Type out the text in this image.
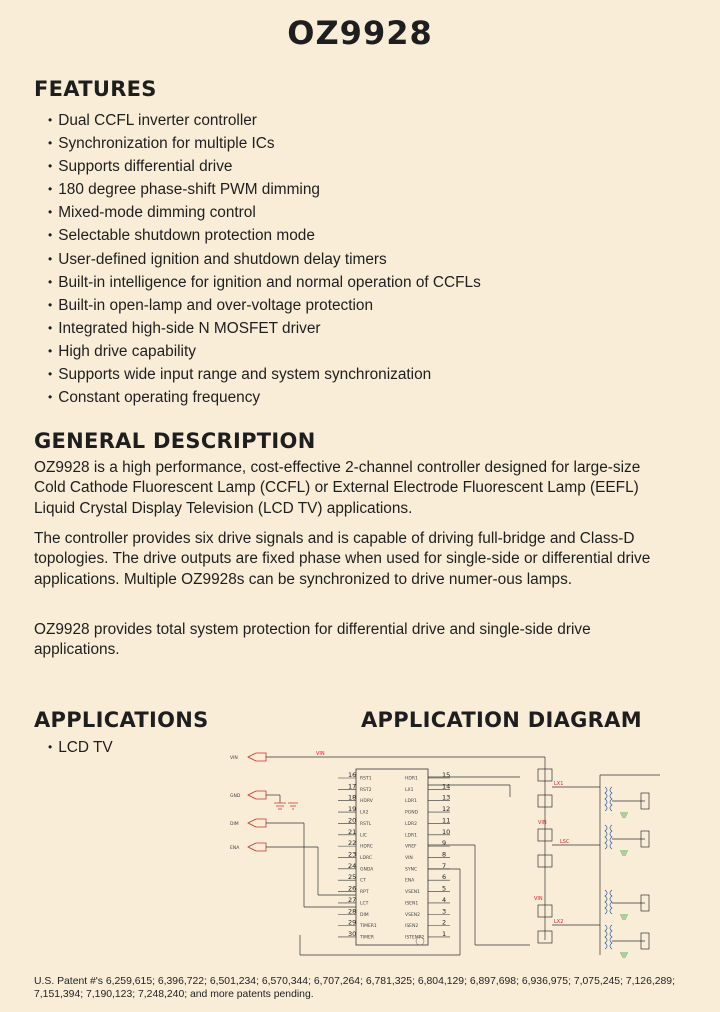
OZ9928
FEATURES
• Dual CCFL inverter controller
• Synchronization for multiple ICs
• Supports differential drive
• 180 degree phase-shift PWM dimming
• Mixed-mode dimming control
• Selectable shutdown protection mode
• User-defined ignition and shutdown delay timers
• Built-in intelligence for ignition and normal operation of CCFLs
• Built-in open-lamp and over-voltage protection
• Integrated high-side N MOSFET driver
• High drive capability
• Supports wide input range and system synchronization
• Constant operating frequency
GENERAL DESCRIPTION

OZ9928 is a high performance, cost-effective 2-channel controller designed for large-size Cold Cathode Fluorescent Lamp (CCFL) or External Electrode Fluorescent Lamp (EEFL) Liquid Crystal Display Television (LCD TV) applications.

The controller provides six drive signals and is capable of driving full-bridge and Class-D topologies. The drive outputs are fixed phase when used for single-side or differential drive applications. Multiple OZ9928s can be synchronized to drive numer-ous lamps.

OZ9928 provides total system protection for differential drive and single-side drive applications.

APPLICATIONS
• LCD TV
APPLICATION DIAGRAM
VIN
GND
DIM
ENA
VIN
16 RST1
17 RST2
18 HDRV
19 LX2
20 RSTL
21 LIC
22 HDRC
23 LDRC
24 GNDA
25 CT
26 RPT
27 LCT
28 DIM
29 TIMER1
30 TIMER
15
HDR1
14
LX1
13
LDR1
12
PGND
11
LDR2
10
LDR1
9
VREF
8
VIN
7
SYNC
6
ENA
5
VSEN1
4
ISEN1
3
VSEN2
2
ISEN2
1
ISTEMP2
LX1
LSC
LX2
VIN
VIN
U.S. Patent #'s 6,259,615; 6,396,722; 6,501,234; 6,570,344; 6,707,264; 6,781,325; 6,804,129; 6,897,698; 6,936,975; 7,075,245; 7,126,289; 7,151,394; 7,190,123; 7,248,240; and more patents pending.
